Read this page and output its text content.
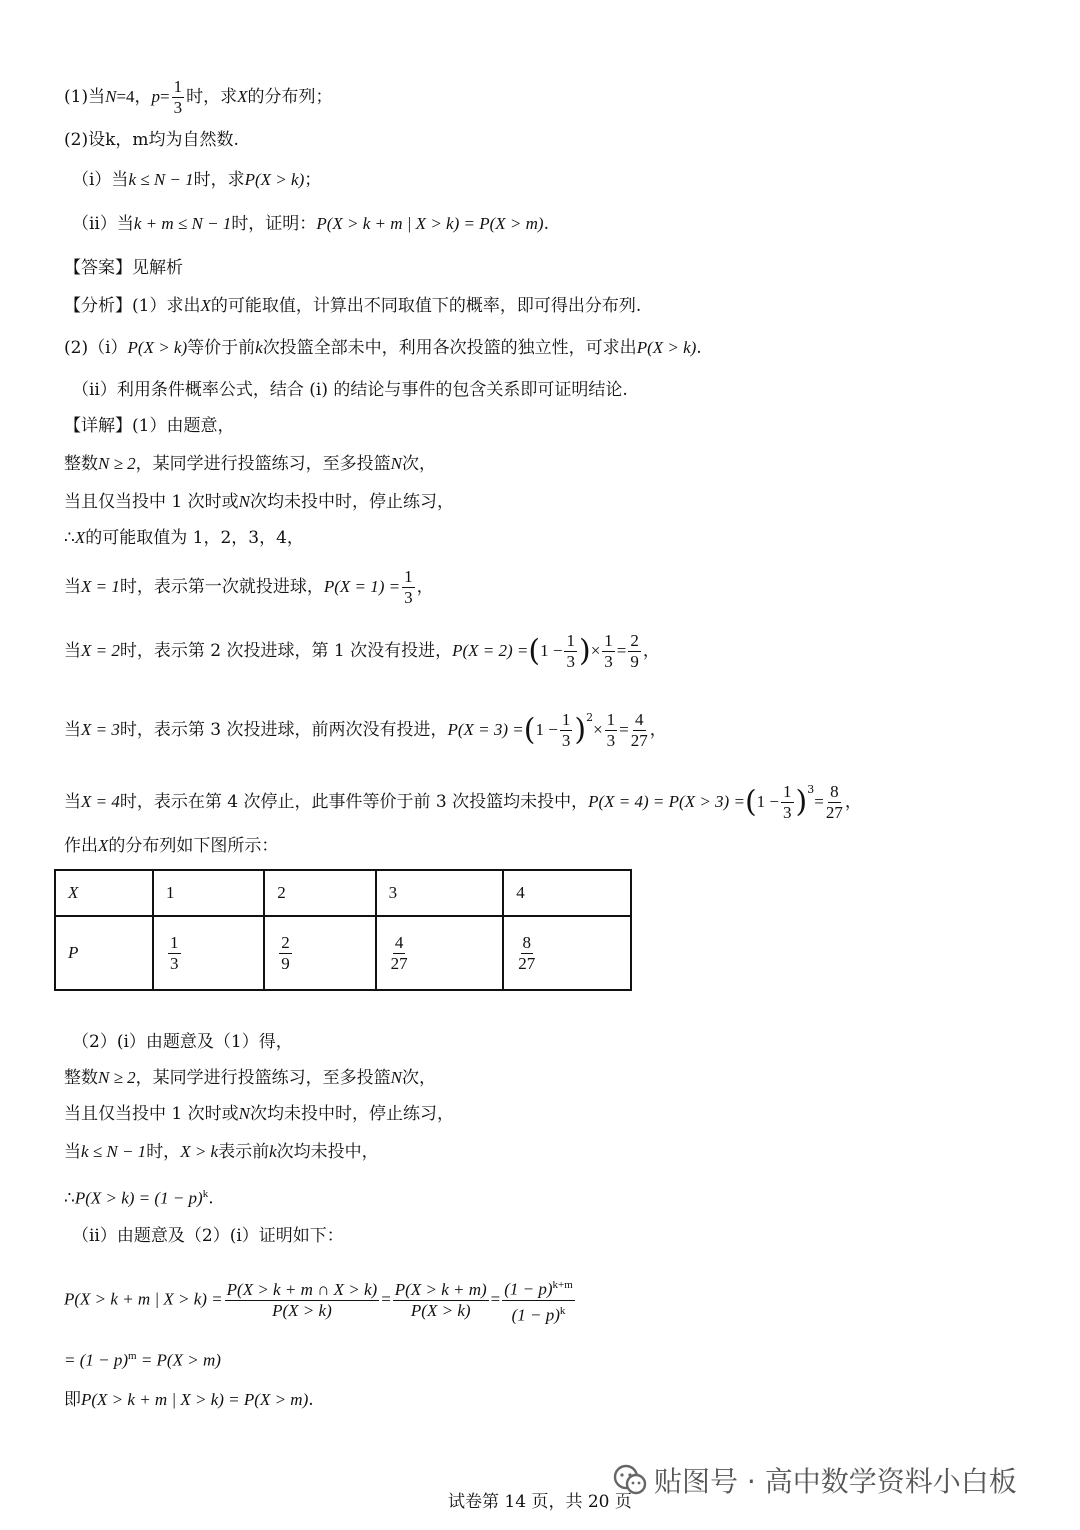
(1)当N=4，$p= \frac{1}{3}$ 时，求X的分布列；
(2)设k，m均为自然数.
（i）当k ≤ N − 1时，求P(X > k)；
（ii）当k + m ≤ N − 1时，证明：P(X > k + m | X > k) = P(X > m).
【答案】见解析
【分析】(1）求出X的可能取值，计算出不同取值下的概率，即可得出分布列.
(2)（i）P(X > k)等价于前k次投篮全部未中，利用各次投篮的独立性，可求出P(X > k).
（ii）利用条件概率公式，结合 (i) 的结论与事件的包含关系即可证明结论.
【详解】(1）由题意，
整数N ≥ 2，某同学进行投篮练习，至多投篮N次，
当且仅当投中 1 次时或N次均未投中时，停止练习，
∴X的可能取值为 1，2，3，4，
当X = 1时，表示第一次就投进球，$P(X = 1) = \frac{1}{3}$ ，
当X = 2时，表示第 2 次投进球，第 1 次没有投进，$P(X = 2) =(1 - \frac{1}{3}$ )× $\frac{1}{3} = \frac{2}{9}$ ，
当X = 3时，表示第 3 次投进球，前两次没有投进，$P(X = 3) =(1 - \frac{1}{3} )^2\times \frac{1}{3} = \frac{4}{27}$ ，
当X = 4时，表示在第 4 次停止，此事件等价于前 3 次投篮均未投中，$P(X = 4) = P(X > 3) =(1 - \frac{1}{3} )^3= \frac{8}{27}$ ，
作出X的分布列如下图所示：
X	1	2	3	4
P	$\frac{1}{3}$	$\frac{2}{9}$	$\frac{4}{27}$	$\frac{8}{27}$
（2）(i）由题意及（1）得，
整数N ≥ 2，某同学进行投篮练习，至多投篮N次，
当且仅当投中 1 次时或N次均未投中时，停止练习，
当k ≤ N − 1时，X > k表示前k次均未投中，
∴P(X > $k) = (1 - p)^k$.
（ii）由题意及（2）(i）证明如下：
P(X > k + m | $X > k) = \frac{P(X > k + m \cap X > k)}{P(X > k)} = \frac{P(X > k + m)}{P(X > k)} = \frac{(1 - p)^{k+m}}{(1 - p)^k}$
= $(1 - p)^m = P(X > m)$
即P(X > k + m | X > k) = P(X > m).
试卷第 14 页，共 20 页
贴图号 · 高中数学资料小白板
